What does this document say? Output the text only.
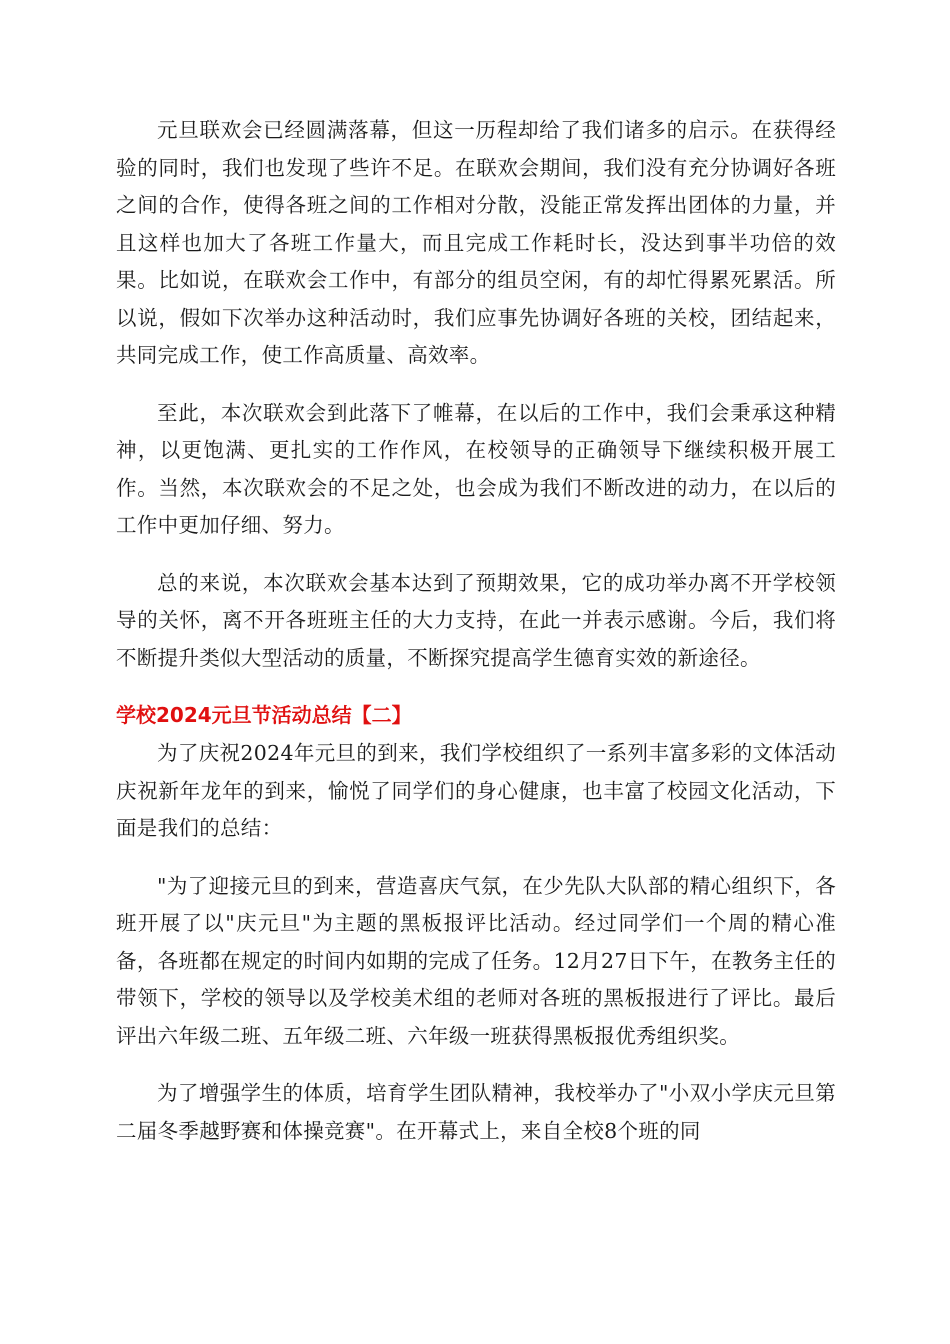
元旦联欢会已经圆满落幕，但这一历程却给了我们诸多的启示。在获得经验的同时，我们也发现了些许不足。在联欢会期间，我们没有充分协调好各班之间的合作，使得各班之间的工作相对分散，没能正常发挥出团体的力量，并且这样也加大了各班工作量大，而且完成工作耗时长，没达到事半功倍的效果。比如说，在联欢会工作中，有部分的组员空闲，有的却忙得累死累活。所以说，假如下次举办这种活动时，我们应事先协调好各班的关校，团结起来，共同完成工作，使工作高质量、高效率。

至此，本次联欢会到此落下了帷幕，在以后的工作中，我们会秉承这种精神，以更饱满、更扎实的工作作风，在校领导的正确领导下继续积极开展工作。当然，本次联欢会的不足之处，也会成为我们不断改进的动力，在以后的工作中更加仔细、努力。

总的来说，本次联欢会基本达到了预期效果，它的成功举办离不开学校领导的关怀，离不开各班班主任的大力支持，在此一并表示感谢。今后，我们将不断提升类似大型活动的质量，不断探究提高学生德育实效的新途径。

学校2024元旦节活动总结【二】

为了庆祝2024年元旦的到来，我们学校组织了一系列丰富多彩的文体活动庆祝新年龙年的到来，愉悦了同学们的身心健康，也丰富了校园文化活动，下面是我们的总结：

"为了迎接元旦的到来，营造喜庆气氛，在少先队大队部的精心组织下，各班开展了以"庆元旦"为主题的黑板报评比活动。经过同学们一个周的精心准备，各班都在规定的时间内如期的完成了任务。12月27日下午，在教务主任的带领下，学校的领导以及学校美术组的老师对各班的黑板报进行了评比。最后评出六年级二班、五年级二班、六年级一班获得黑板报优秀组织奖。

为了增强学生的体质，培育学生团队精神，我校举办了"小双小学庆元旦第二届冬季越野赛和体操竞赛"。在开幕式上，来自全校8个班的同
